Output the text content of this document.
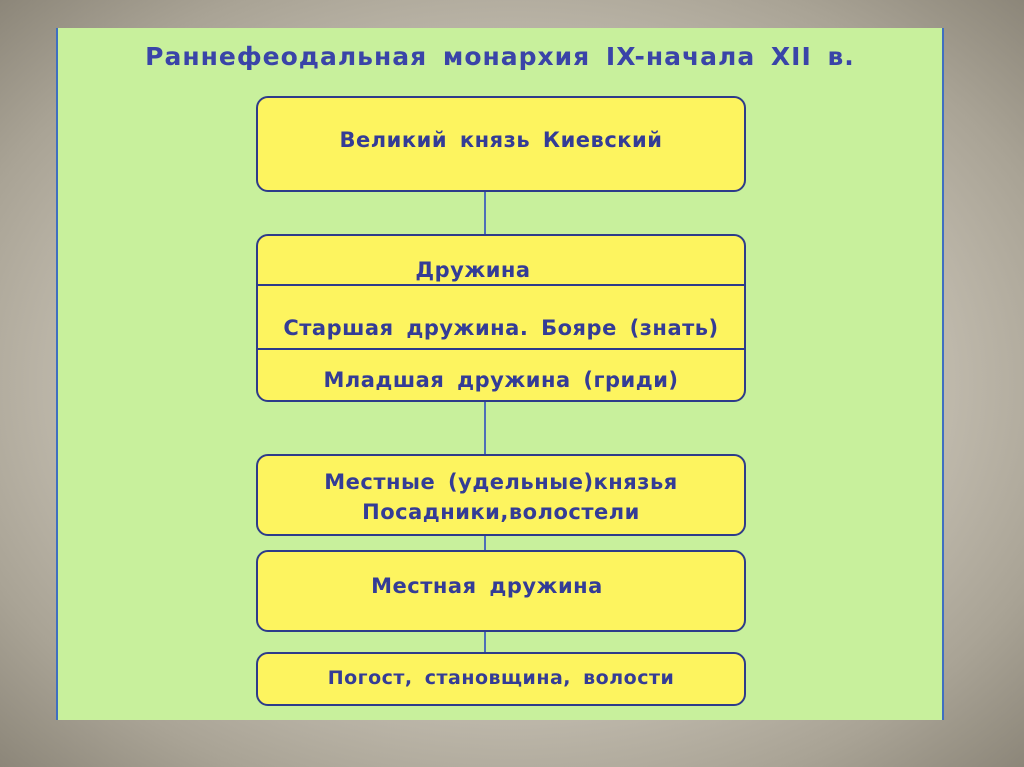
Раннефеодальная монархия IX-начала XII в.
Великий князь Киевский
Дружина
Старшая дружина. Бояре (знать)
Младшая дружина (гриди)
Местные (удельные)князья
Посадники,волостели
Местная дружина
Погост, становщина, волости
